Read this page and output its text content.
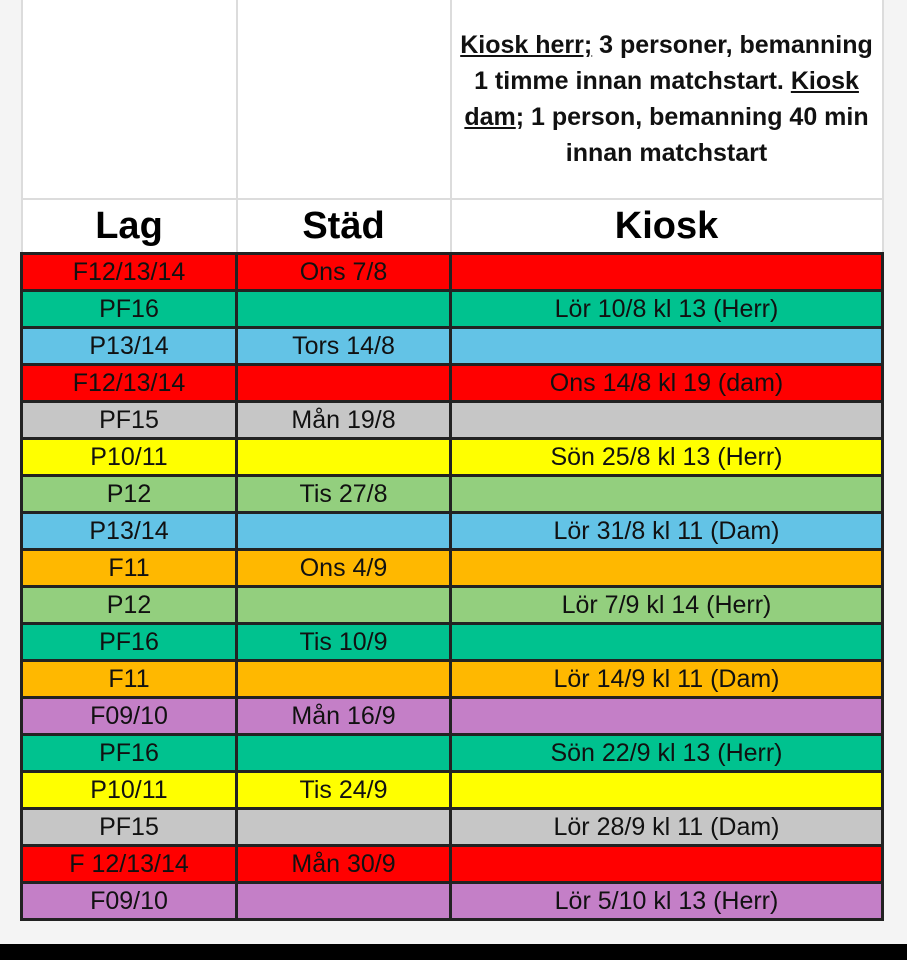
		Kiosk herr; 3 personer, bemanning 1 timme innan matchstart. Kiosk dam; 1 person, bemanning 40 min innan matchstart

Lag	Städ	Kiosk
F12/13/14	Ons 7/8	
PF16		Lör 10/8 kl 13 (Herr)
P13/14	Tors 14/8	
F12/13/14		Ons 14/8 kl 19 (dam)
PF15	Mån 19/8	
P10/11		Sön 25/8 kl 13 (Herr)
P12	Tis 27/8	
P13/14		Lör 31/8 kl 11 (Dam)
F11	Ons 4/9	
P12		Lör 7/9 kl 14 (Herr)
PF16	Tis 10/9	
F11		Lör 14/9 kl 11 (Dam)
F09/10	Mån 16/9	
PF16		Sön 22/9 kl 13 (Herr)
P10/11	Tis 24/9	
PF15		Lör 28/9 kl 11 (Dam)
F 12/13/14	Mån 30/9	
F09/10		Lör 5/10 kl 13 (Herr)
